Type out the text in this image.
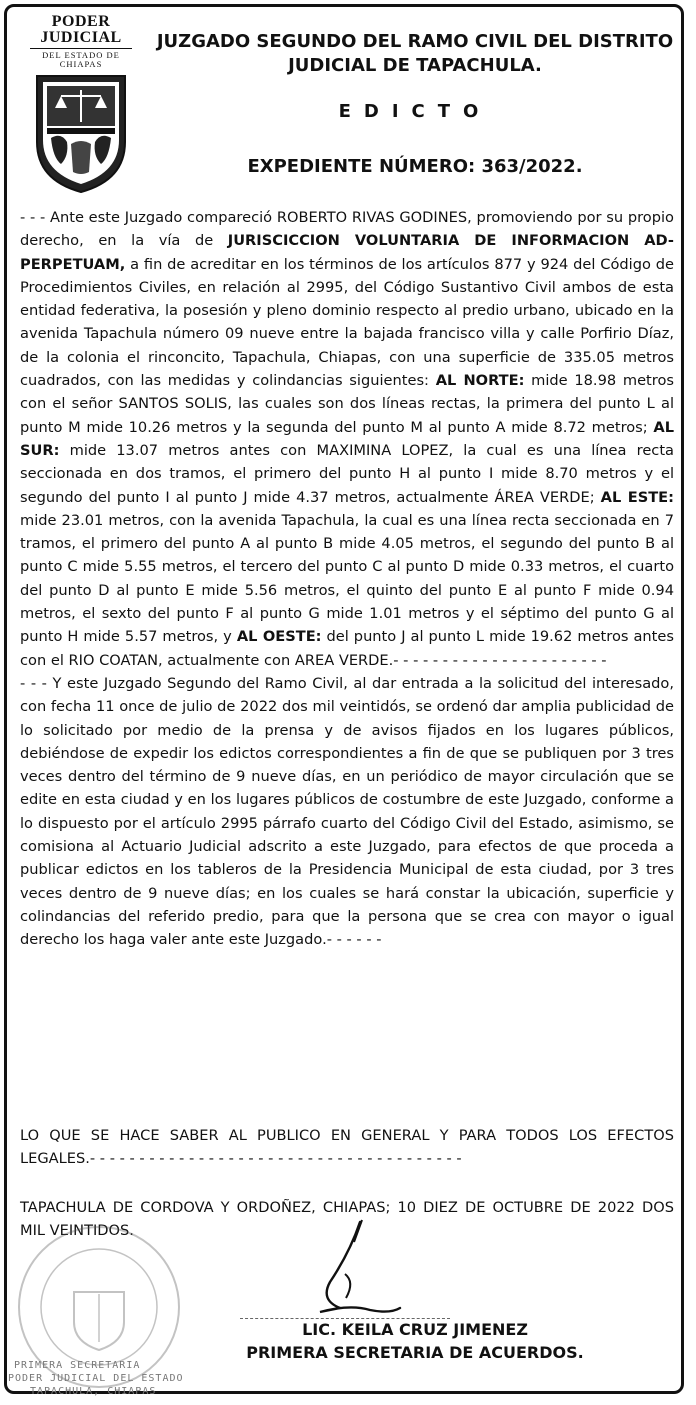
PODER JUDICIAL
DEL ESTADO DE CHIAPAS
JUZGADO SEGUNDO DEL RAMO CIVIL DEL DISTRITO JUDICIAL DE TAPACHULA.
EDICTO
EXPEDIENTE NÚMERO: 363/2022.

- - - Ante este Juzgado compareció ROBERTO RIVAS GODINES, promoviendo por su propio derecho, en la vía de JURISCICCION VOLUNTARIA DE INFORMACION AD-PERPETUAM, a fin de acreditar en los términos de los artículos 877 y 924 del Código de Procedimientos Civiles, en relación al 2995, del Código Sustantivo Civil ambos de esta entidad federativa, la posesión y pleno dominio respecto al predio urbano, ubicado en la avenida Tapachula número 09 nueve entre la bajada francisco villa y calle Porfirio Díaz, de la colonia el rinconcito, Tapachula, Chiapas, con una superficie de 335.05 metros cuadrados, con las medidas y colindancias siguientes: AL NORTE: mide 18.98 metros con el señor SANTOS SOLIS, las cuales son dos líneas rectas, la primera del punto L al punto M mide 10.26 metros y la segunda del punto M al punto A mide 8.72 metros; AL SUR: mide 13.07 metros antes con MAXIMINA LOPEZ, la cual es una línea recta seccionada en dos tramos, el primero del punto H al punto I mide 8.70 metros y el segundo del punto I al punto J mide 4.37 metros, actualmente ÁREA VERDE; AL ESTE: mide 23.01 metros, con la avenida Tapachula, la cual es una línea recta seccionada en 7 tramos, el primero del punto A al punto B mide 4.05 metros, el segundo del punto B al punto C mide 5.55 metros, el tercero del punto C al punto D mide 0.33 metros, el cuarto del punto D al punto E mide 5.56 metros, el quinto del punto E al punto F mide 0.94 metros, el sexto del punto F al punto G mide 1.01 metros y el séptimo del punto G al punto H mide 5.57 metros, y AL OESTE: del punto J al punto L mide 19.62 metros antes con el RIO COATAN, actualmente con AREA VERDE.- - - - - - - - - - - - - - - - - - - - - -

- - - Y este Juzgado Segundo del Ramo Civil, al dar entrada a la solicitud del interesado, con fecha 11 once de julio de 2022 dos mil veintidós, se ordenó dar amplia publicidad de lo solicitado por medio de la prensa y de avisos fijados en los lugares públicos, debiéndose de expedir los edictos correspondientes a fin de que se publiquen por 3 tres veces dentro del término de 9 nueve días, en un periódico de mayor circulación que se edite en esta ciudad y en los lugares públicos de costumbre de este Juzgado, conforme a lo dispuesto por el artículo 2995 párrafo cuarto del Código Civil del Estado, asimismo, se comisiona al Actuario Judicial adscrito a este Juzgado, para efectos de que proceda a publicar edictos en los tableros de la Presidencia Municipal de esta ciudad, por 3 tres veces dentro de 9 nueve días; en los cuales se hará constar la ubicación, superficie y colindancias del referido predio, para que la persona que se crea con mayor o igual derecho los haga valer ante este Juzgado.- - - - - -

LO QUE SE HACE SABER AL PUBLICO EN GENERAL Y PARA TODOS LOS EFECTOS LEGALES.- - - - - - - - - - - - - - - - - - - - - - - - - - - - - - - - - - - - - -
TAPACHULA DE CORDOVA Y ORDOÑEZ, CHIAPAS; 10 DIEZ DE OCTUBRE DE 2022 DOS MIL VEINTIDOS.
LIC. KEILA CRUZ JIMENEZ
PRIMERA SECRETARIA DE ACUERDOS.
PRIMERA SECRETARIA
PODER JUDICIAL DEL ESTADO
TAPACHULA, CHIAPAS
